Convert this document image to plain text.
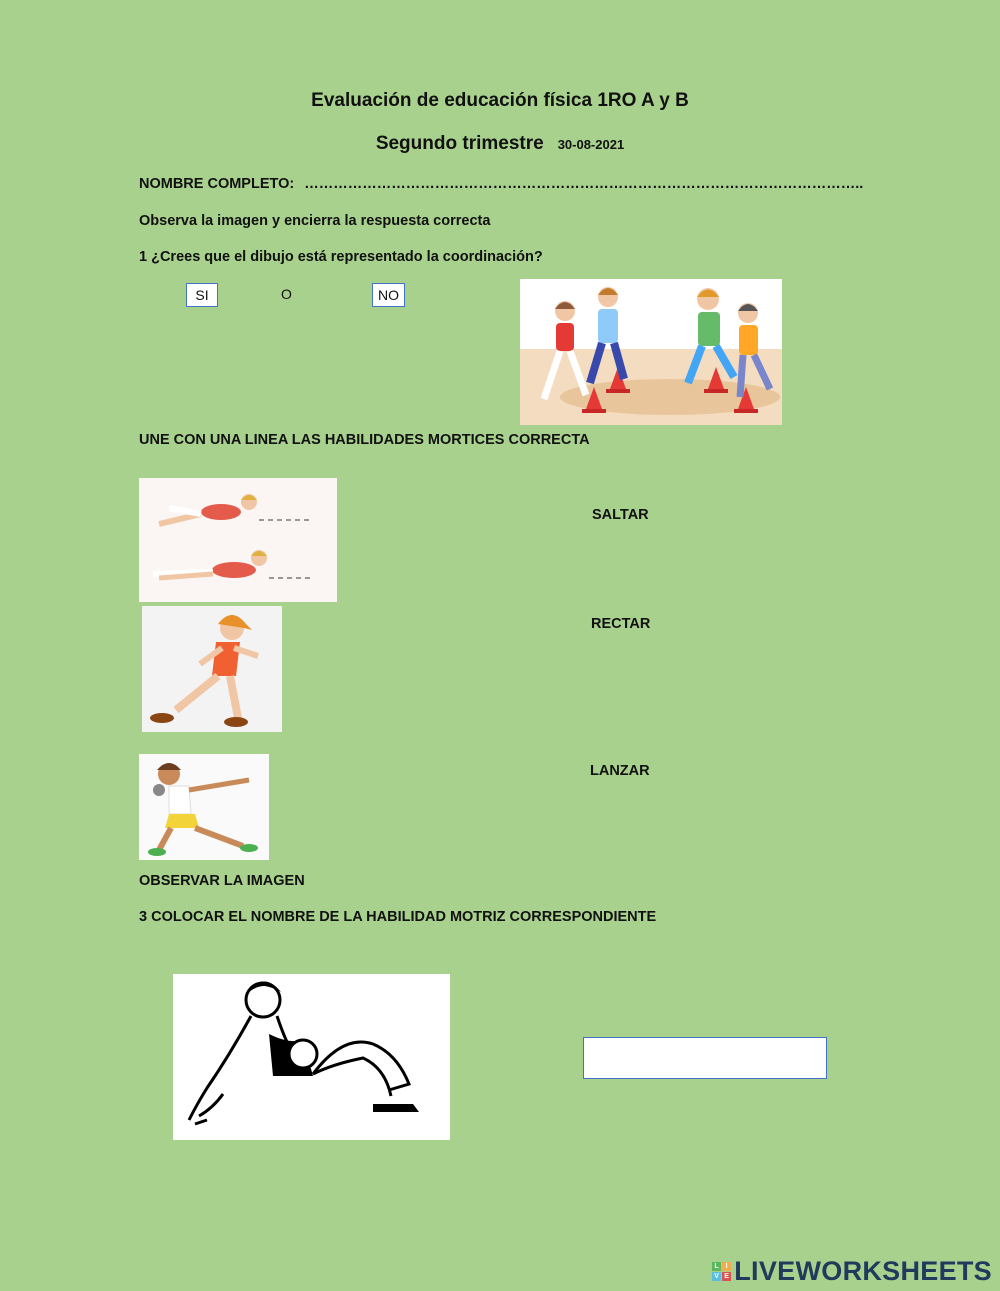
Evaluación de educación física 1RO A y B
Segundo trimestre 30-08-2021
NOMBRE COMPLETO: ……………………………………………………………………………………………………..
Observa la imagen y encierra la respuesta correcta
1 ¿Crees que el dibujo está representado la coordinación?
SI	O	NO
UNE CON UNA LINEA LAS HABILIDADES MORTICES CORRECTA
SALTAR
RECTAR
LANZAR
OBSERVAR LA IMAGEN
3 COLOCAR EL NOMBRE DE LA HABILIDAD MOTRIZ CORRESPONDIENTE
L I
V E LIVEWORKSHEETS
